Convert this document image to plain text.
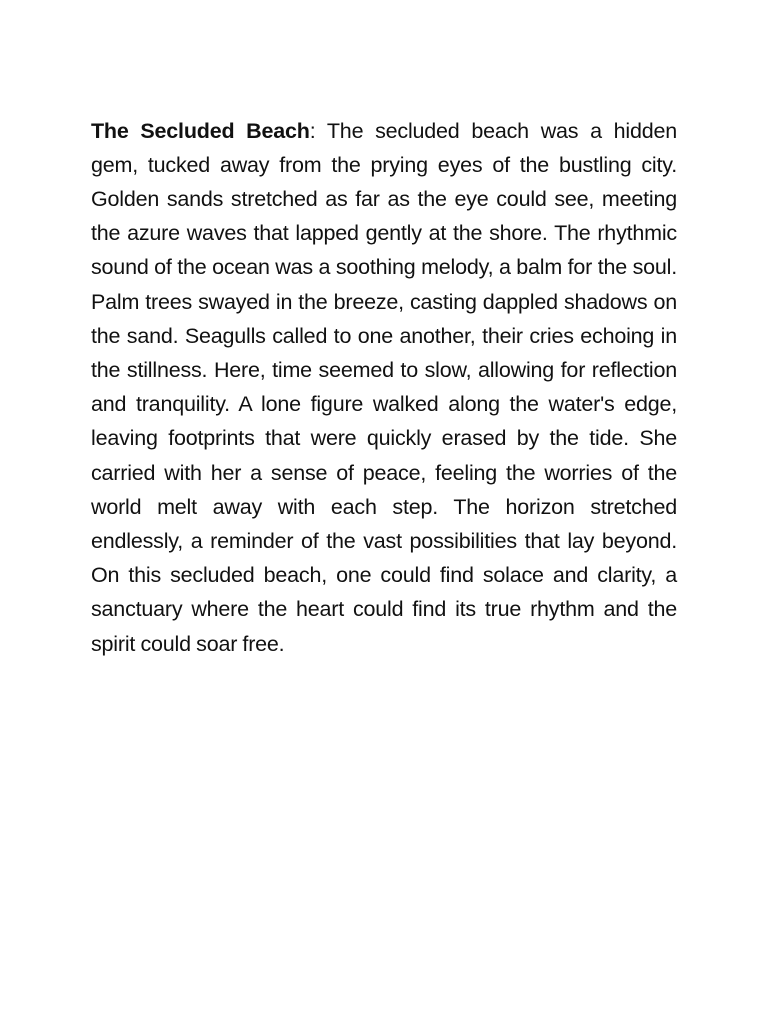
The Secluded Beach: The secluded beach was a hidden gem, tucked away from the prying eyes of the bustling city. Golden sands stretched as far as the eye could see, meeting the azure waves that lapped gently at the shore. The rhythmic sound of the ocean was a soothing melody, a balm for the soul. Palm trees swayed in the breeze, casting dappled shadows on the sand. Seagulls called to one another, their cries echoing in the stillness. Here, time seemed to slow, allowing for reflection and tranquility. A lone figure walked along the water's edge, leaving footprints that were quickly erased by the tide. She carried with her a sense of peace, feeling the worries of the world melt away with each step. The horizon stretched endlessly, a reminder of the vast possibilities that lay beyond. On this secluded beach, one could find solace and clarity, a sanctuary where the heart could find its true rhythm and the spirit could soar free.
